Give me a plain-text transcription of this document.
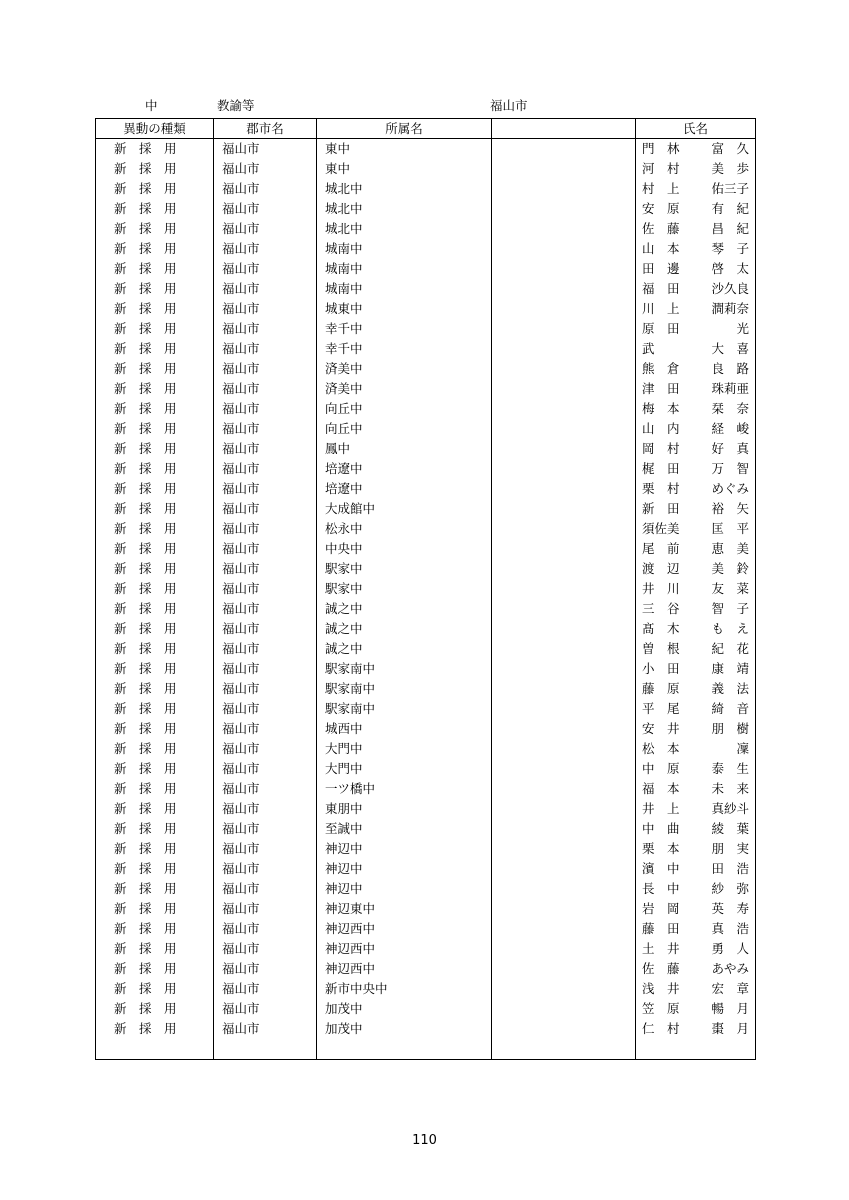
中	教諭等	福山市
異動の種類	郡市名	所属名		氏名

新　採　用	福山市	東中		門　林 富　久

新　採　用	福山市	東中		河　村 美　歩

新　採　用	福山市	城北中		村　上 佑三子

新　採　用	福山市	城北中		安　原 有　紀

新　採　用	福山市	城北中		佐　藤 昌　紀

新　採　用	福山市	城南中		山　本 琴　子

新　採　用	福山市	城南中		田　邊 啓　太

新　採　用	福山市	城南中		福　田 沙久良

新　採　用	福山市	城東中		川　上 澗莉奈

新　採　用	福山市	幸千中		原　田 光

新　採　用	福山市	幸千中		武 大　喜

新　採　用	福山市	済美中		熊　倉 良　路

新　採　用	福山市	済美中		津　田 珠莉亜

新　採　用	福山市	向丘中		梅　本 栞　奈

新　採　用	福山市	向丘中		山　内 経　峻

新　採　用	福山市	鳳中		岡　村 好　真

新　採　用	福山市	培遼中		梶　田 万　智

新　採　用	福山市	培遼中		栗　村 めぐみ

新　採　用	福山市	大成館中		新　田 裕　矢

新　採　用	福山市	松永中		須佐美 匡　平

新　採　用	福山市	中央中		尾　前 恵　美

新　採　用	福山市	駅家中		渡　辺 美　鈴

新　採　用	福山市	駅家中		井　川 友　菜

新　採　用	福山市	誠之中		三　谷 智　子

新　採　用	福山市	誠之中		髙　木 も　え

新　採　用	福山市	誠之中		曽　根 紀　花

新　採　用	福山市	駅家南中		小　田 康　靖

新　採　用	福山市	駅家南中		藤　原 義　法

新　採　用	福山市	駅家南中		平　尾 綺　音

新　採　用	福山市	城西中		安　井 朋　樹

新　採　用	福山市	大門中		松　本 凜

新　採　用	福山市	大門中		中　原 泰　生

新　採　用	福山市	一ツ橋中		福　本 未　来

新　採　用	福山市	東朋中		井　上 真紗斗

新　採　用	福山市	至誠中		中　曲 綾　葉

新　採　用	福山市	神辺中		栗　本 朋　実

新　採　用	福山市	神辺中		濱　中 田　浩

新　採　用	福山市	神辺中		長　中 紗　弥

新　採　用	福山市	神辺東中		岩　岡 英　寿

新　採　用	福山市	神辺西中		藤　田 真　浩

新　採　用	福山市	神辺西中		土　井 勇　人

新　採　用	福山市	神辺西中		佐　藤 あやみ

新　採　用	福山市	新市中央中		浅　井 宏　章

新　採　用	福山市	加茂中		笠　原 暢　月

新　採　用	福山市	加茂中		仁　村 棗　月

110
